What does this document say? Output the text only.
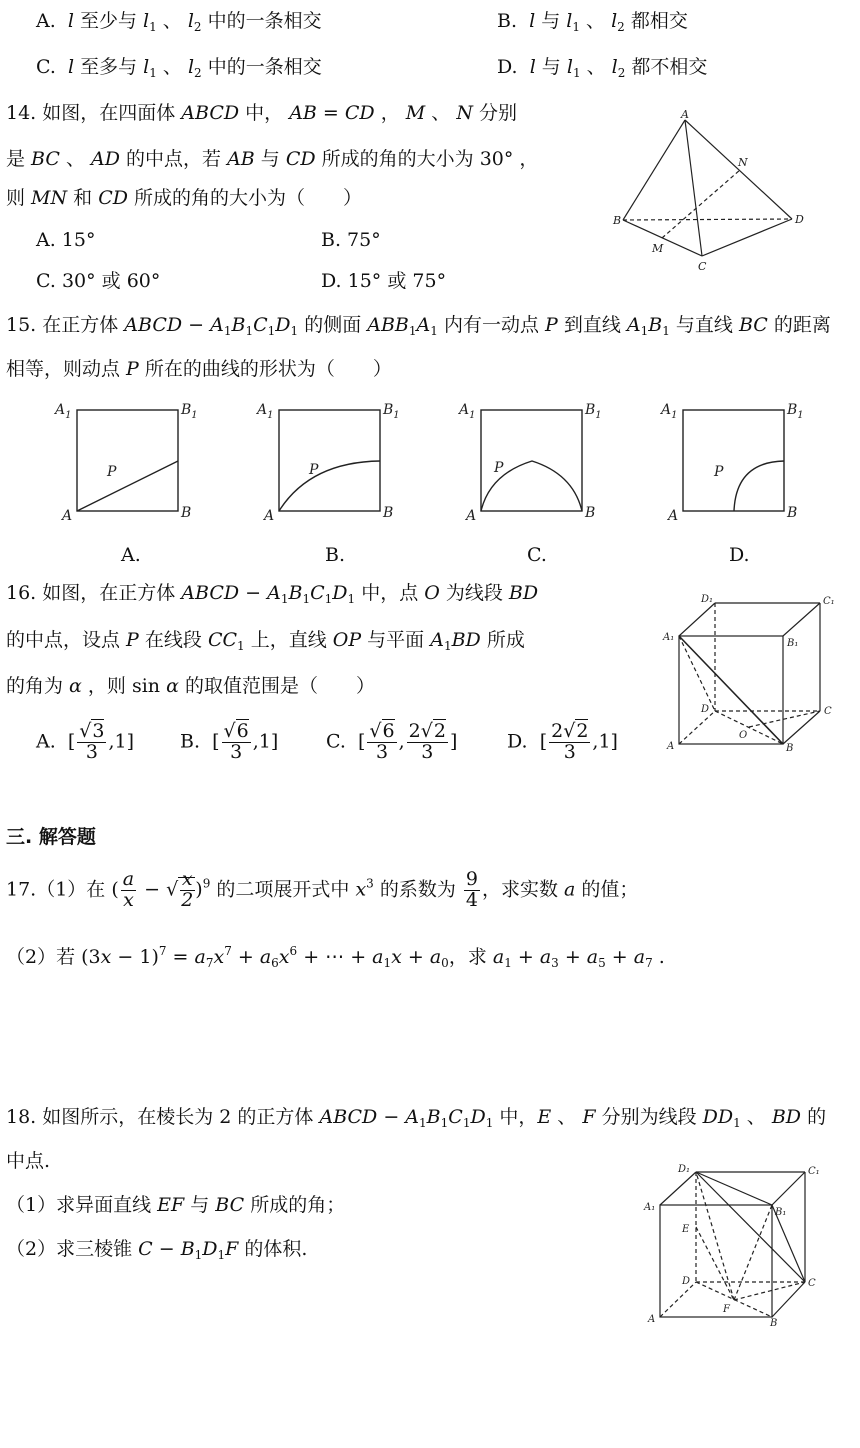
A.  l 至少与 $l_1$ 、 $l_2$ 中的一条相交	B.  l 与 $l_1$ 、 $l_2$ 都相交
C.  l 至多与 $l_1$ 、 $l_2$ 中的一条相交	D.  l 与 $l_1$ 、 $l_2$ 都不相交
14. 如图，在四面体 ABCD 中， AB = CD ， M 、 N 分别
是 BC 、 AD 的中点，若 AB 与 CD 所成的角的大小为 30° ，
则 MN 和 CD 所成的角的大小为（　　）
A. 15°	B. 75°
C. 30° 或 60°	D. 15° 或 75°
A
B
C
D
M
N
15. 在正方体 ABCD − $A_1B_1C_1D_1$ 的侧面 $ABB_1A_1$ 内有一动点 P 到直线 $A_1B_1$ 与直线 BC 的距离
相等，则动点 P 所在的曲线的形状为（　　）
$A_1$	$B_1$
A	B
P
$A_1$	$B_1$
A	B
P
$A_1$	$B_1$
A	B
P
$A_1$	$B_1$
A	B
P
A.	B.	C.	D.
16. 如图，在正方体 ABCD − $A_1B_1C_1D_1$ 中，点 O 为线段 BD
的中点，设点 P 在线段 $CC_1$ 上，直线 OP 与平面 $A_1BD$ 所成
的角为 α ，则 sin α 的取值范围是（　　）
A.  [ $\frac{√3}{3} ,1$] B.  [ $\frac{√6}{3} ,1$]	C.  [ $\frac{√6}{3}$ , $\frac{2√2}{3}$ ]	D.  [ $\frac{2√2}{3} ,1$]
D₁	C₁
A₁
B₁
D	C
A	B
O
三. 解答题
17.（1）在 ( $\frac{a}{x}$ − √ $\frac{x}{2} )^9$ 的二项展开式中 $x^3$ 的系数为 $\frac{9}{4}$ ，求实数 a 的值；
（2）若 $(3x - 1)^7 = a_7x^7 + a_6x^6$ + ⋯ + $a_1x + a_0$，求 $a_1 + a_3 + a_5 + a_7$ .
18. 如图所示，在棱长为 2 的正方体 ABCD − $A_1B_1C_1D_1$ 中，E 、 F 分别为线段 $DD_1$ 、 BD 的
中点.
（1）求异面直线 EF 与 BC 所成的角；
（2）求三棱锥 $C - B_1D_1F$ 的体积.
D₁	C₁
A₁	B₁
E
D	C
F
A	B
